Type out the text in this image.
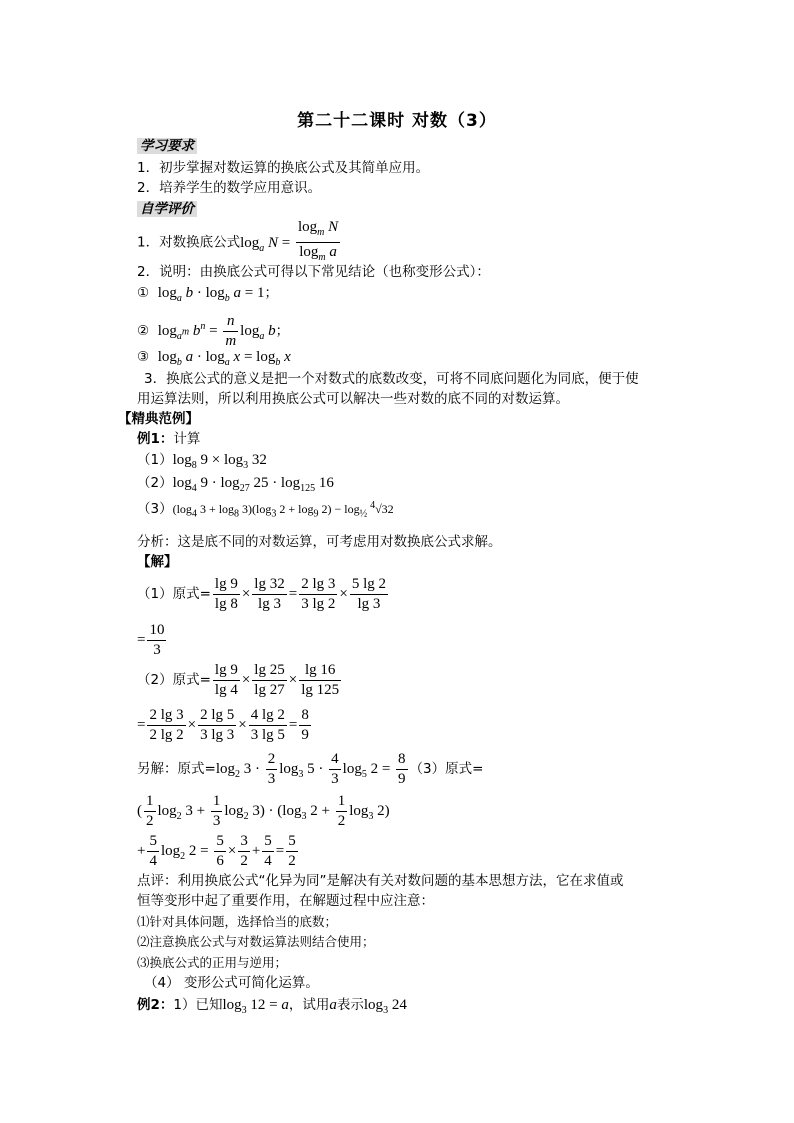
第二十二课时 对数（3）
学习要求
1．初步掌握对数运算的换底公式及其简单应用。
2．培养学生的数学应用意识。
自学评价
1．对数换底公式$\log_a N = \frac{\log_m N}{\log_m a}$
2．说明：由换底公式可得以下常见结论（也称变形公式）：
① $\log_a b \cdot \log_b a = 1$；
② $\log_{a^m} b^n = \frac{n}{m} \log_a b$；
③ $\log_b a \cdot \log_a x = \log_b x$
3．换底公式的意义是把一个对数式的底数改变，可将不同底问题化为同底，便于使
用运算法则，所以利用换底公式可以解决一些对数的底不同的对数运算。
【精典范例】
例1：计算
$(1)\log_8$ $9 \times \log_3 32$
$(2)\log_4$ $9 \cdot \log_{27} 25 \cdot \log_{125} 16$
$(3)(\log_4$ $3 + \log_8 3)(\log_3$ $2 + \log_9 2) - \log_{\frac{1}{2}} ^4√32$
分析：这是底不同的对数运算，可考虑用对数换底公式求解。
【解】
（1）原式= $\frac{\lg 9}{\lg 8} \times \frac{\lg 32}{\lg 3} = \frac{2 \lg 3}{3 \lg 2} \times \frac{5 \lg 2}{\lg 3}$
= $\frac{10}{3}$
（2）原式= $\frac{\lg 9}{\lg 4} \times \frac{\lg 25}{\lg 27} \times \frac{\lg 16}{\lg 125}$
= $\frac{2 \lg 3}{2 \lg 2} \times \frac{2 \lg 5}{3 \lg 3} \times \frac{4 \lg 2}{3 \lg 5} = \frac{8}{9}$
另解：原式$=\log_2$ $3 \cdot \frac{2}{3} \log_3 5 \cdot \frac{4}{3} \log_5 2 = \frac{8}{9} (3)$原式=
( $\frac{1}{2} \log_2 3 + \frac{1}{3} \log_2 3) \cdot (\log_3$ $2 + \frac{1}{2} \log_3 2$)
+ $\frac{5}{4} \log_2 2 = \frac{5}{6} \times \frac{3}{2} + \frac{5}{4} = \frac{5}{2}$
点评：利用换底公式“化异为同”是解决有关对数问题的基本思想方法，它在求值或
恒等变形中起了重要作用，在解题过程中应注意：
⑴针对具体问题，选择恰当的底数；
⑵注意换底公式与对数运算法则结合使用；
⑶换底公式的正用与逆用；
（4） 变形公式可简化运算。
例2：1）已知$\log_3 12 = a$，试用a表示$\log_3 24$
